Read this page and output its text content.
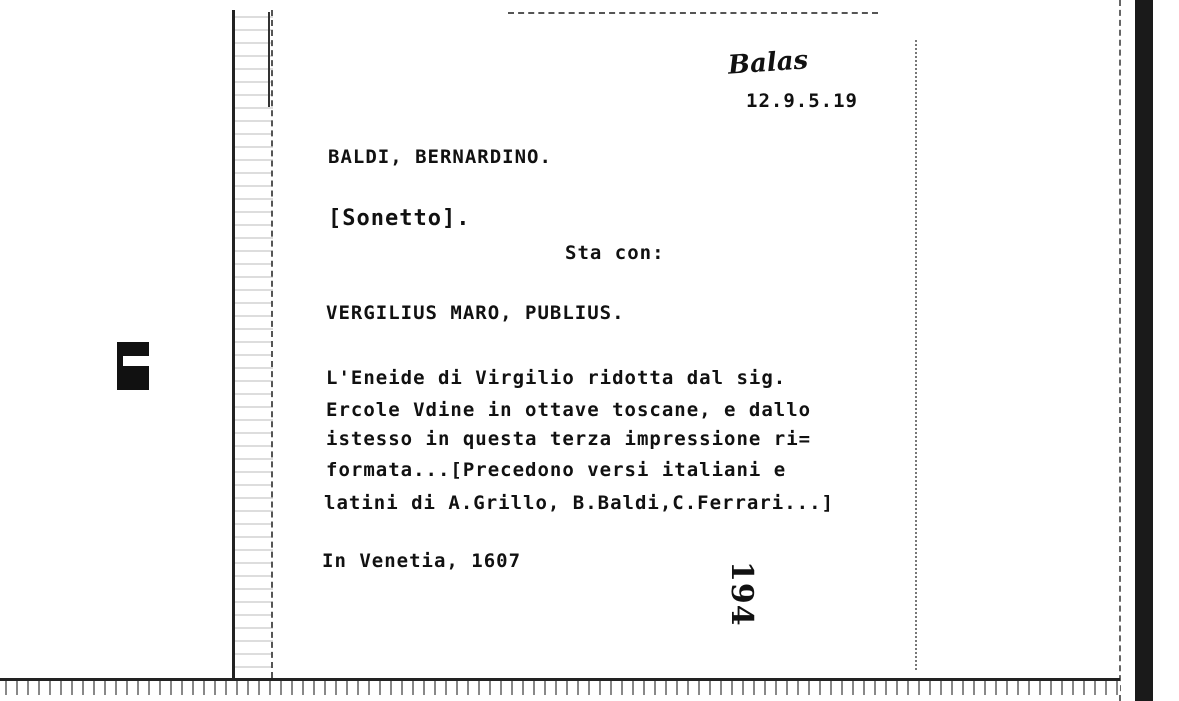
Balas
12.9.5.19
BALDI, BERNARDINO.
[Sonetto].
Sta con:
VERGILIUS MARO, PUBLIUS.
L'Eneide di Virgilio ridotta dal sig.
Ercole Vdine in ottave toscane, e dallo
istesso in questa terza impressione ri=
formata...[Precedono versi italiani e
latini di A.Grillo, B.Baldi,C.Ferrari...]
In Venetia, 1607	194
